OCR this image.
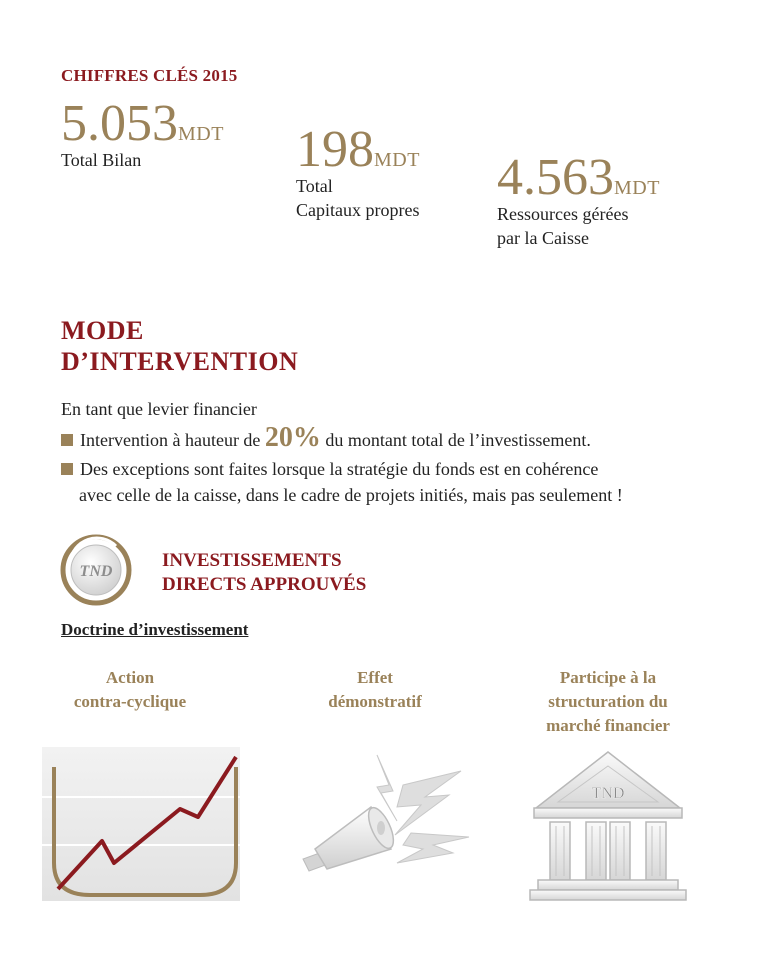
CHIFFRES CLÉS 2015
5.053MDT
Total Bilan	198MDT
Total
Capitaux propres
4.563MDT
Ressources gérées
par la Caisse
MODE
D’INTERVENTION
En tant que levier financier
Intervention à hauteur de 20% du montant total de l’investissement.
Des exceptions sont faites lorsque la stratégie du fonds est en cohérence
avec celle de la caisse, dans le cadre de projets initiés, mais pas seulement !
TND
INVESTISSEMENTS
DIRECTS APPROUVÉS
Doctrine d’investissement
Action
contra-cyclique
Effet
démonstratif
Participe à la
structuration du
marché financier
TND
